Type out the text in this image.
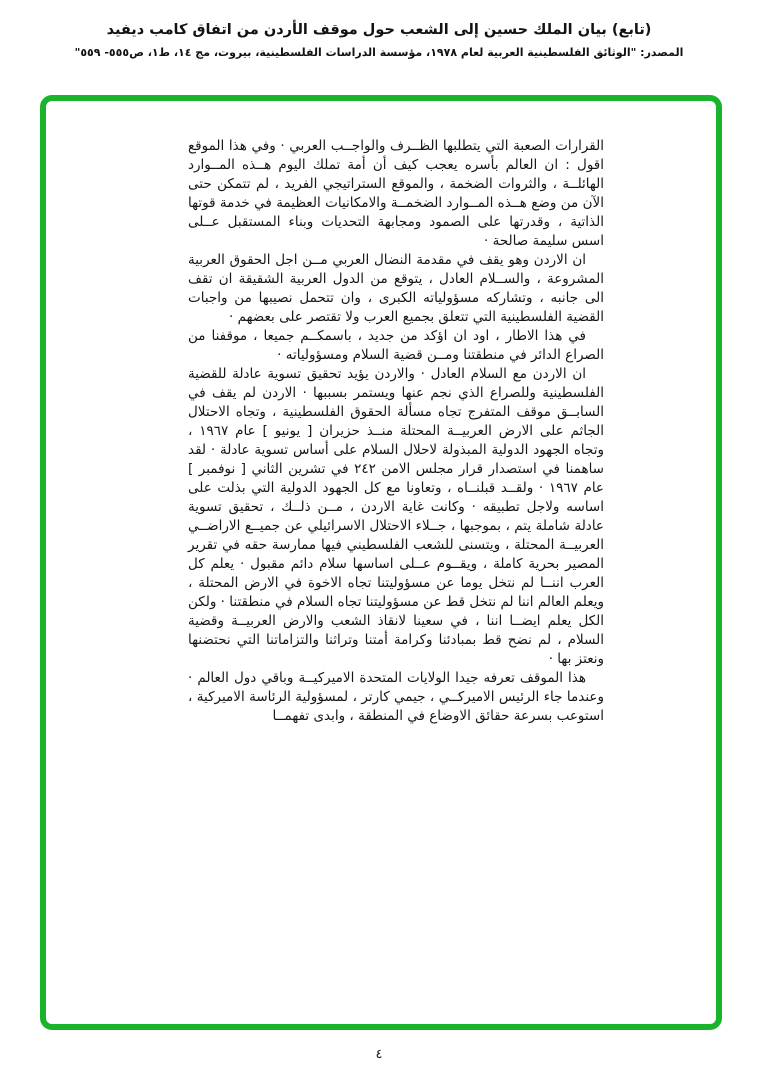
(تابع) بيان الملك حسين إلى الشعب حول موقف الأردن من اتفاق كامب ديفيد
المصدر: "الوثائق الفلسطينية العربية لعام ١٩٧٨، مؤسسة الدراسات الفلسطينية، بيروت، مج ١٤، ط١، ص٥٥٥- ٥٥٩"

القرارات الصعبة التي يتطلبها الظــرف والواجــب العربي · وفي هذا الموقع اقول : ان العالم بأسره يعجب كيف أن أمة تملك اليوم هــذه المــوارد الهائلــة ، والثروات الضخمة ، والموقع الستراتيجي الفريد ، لم تتمكن حتى الآن من وضع هــذه المــوارد الضخمــة والامكانيات العظيمة في خدمة قوتها الذاتية ، وقدرتها على الصمود ومجابهة التحديات وبناء المستقبل عــلى اسس سليمة صالحة ·

ان الاردن وهو يقف في مقدمة النضال العربي مــن اجل الحقوق العربية المشروعة ، والســلام العادل ، يتوقع من الدول العربية الشقيقة ان تقف الى جانبه ، وتشاركه مسؤولياته الكبرى ، وان تتحمل نصيبها من واجبات القضية الفلسطينية التي تتعلق بجميع العرب ولا تقتصر على بعضهم ·

في هذا الاطار ، اود ان اؤكد من جديد ، باسمكــم جميعا ، موقفنا من الصراع الدائر في منطقتنا ومــن قضية السلام ومسؤولياته ·

ان الاردن مع السلام العادل · والاردن يؤيد تحقيق تسوية عادلة للقضية الفلسطينية وللصراع الذي نجم عنها ويستمر بسببها · الاردن لم يقف في السابــق موقف المتفرج تجاه مسألة الحقوق الفلسطينية ، وتجاه الاحتلال الجاثم على الارض العربيــة المحتلة منــذ حزيران [ يونيو ] عام ١٩٦٧ ، وتجاه الجهود الدولية المبذولة لاحلال السلام على أساس تسوية عادلة · لقد ساهمنا في استصدار قرار مجلس الامن ٢٤٢ في تشرين الثاني [ نوفمبر ] عام ١٩٦٧ · ولقــد قبلنــاه ، وتعاونا مع كل الجهود الدولية التي بذلت على اساسه ولاجل تطبيقه · وكانت غاية الاردن ، مــن ذلــك ، تحقيق تسوية عادلة شاملة يتم ، بموجبها ، جــلاء الاحتلال الاسرائيلي عن جميــع الاراضــي العربيــة المحتلة ، ويتسنى للشعب الفلسطيني فيها ممارسة حقه في تقرير المصير بحرية كاملة ، ويقــوم عــلى اساسها سلام دائم مقبول · يعلم كل العرب اننــا لم نتخل يوما عن مسؤوليتنا تجاه الاخوة في الارض المحتلة ، ويعلم العالم اننا لم نتخل قط عن مسؤوليتنا تجاه السلام في منطقتنا · ولكن الكل يعلم ايضــا اننا ، في سعينا لانقاذ الشعب والارض العربيــة وقضية السلام ، لم نضح قط بمبادئنا وكرامة أمتنا وتراثنا والتزاماتنا التي نحتضنها ونعتز بها ·

هذا الموقف تعرفه جيدا الولايات المتحدة الاميركيــة وباقي دول العالم · وعندما جاء الرئيس الاميركــي ، جيمي كارتر ، لمسؤولية الرئاسة الاميركية ، استوعب بسرعة حقائق الاوضاع في المنطقة ، وابدى تفهمــا

٤
